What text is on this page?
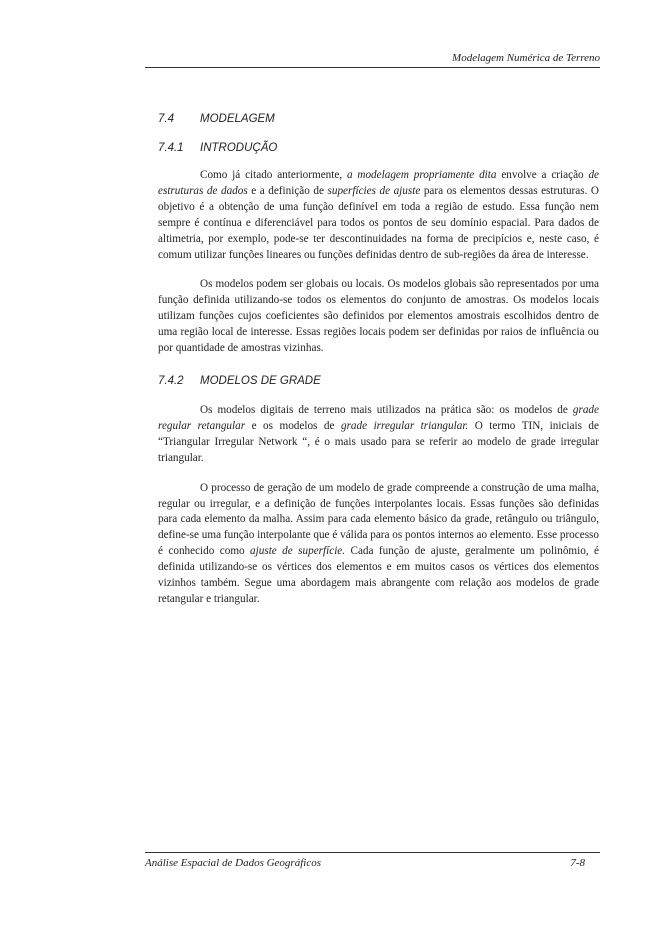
Modelagem Numérica de Terreno
7.4 MODELAGEM
7.4.1 INTRODUÇÃO

Como já citado anteriormente, a modelagem propriamente dita envolve a criação de estruturas de dados e a definição de superfícies de ajuste para os elementos dessas estruturas. O objetivo é a obtenção de uma função definível em toda a região de estudo. Essa função nem sempre é contínua e diferenciável para todos os pontos de seu domínio espacial. Para dados de altimetria, por exemplo, pode-se ter descontinuidades na forma de precipícios e, neste caso, é comum utilizar funções lineares ou funções definidas dentro de sub-regiões da área de interesse.

Os modelos podem ser globais ou locais. Os modelos globais são representados por uma função definida utilizando-se todos os elementos do conjunto de amostras. Os modelos locais utilizam funções cujos coeficientes são definidos por elementos amostrais escolhidos dentro de uma região local de interesse. Essas regiões locais podem ser definidas por raios de influência ou por quantidade de amostras vizinhas.

7.4.2 MODELOS DE GRADE

Os modelos digitais de terreno mais utilizados na prática são: os modelos de grade regular retangular e os modelos de grade irregular triangular. O termo TIN, iniciais de “Triangular Irregular Network “, é o mais usado para se referir ao modelo de grade irregular triangular.

O processo de geração de um modelo de grade compreende a construção de uma malha, regular ou irregular, e a definição de funções interpolantes locais. Essas funções são definidas para cada elemento da malha. Assim para cada elemento básico da grade, retângulo ou triângulo, define-se uma função interpolante que é válida para os pontos internos ao elemento. Esse processo é conhecido como ajuste de superfície. Cada função de ajuste, geralmente um polinômio, é definida utilizando-se os vértices dos elementos e em muitos casos os vértices dos elementos vizinhos também. Segue uma abordagem mais abrangente com relação aos modelos de grade retangular e triangular.

Análise Espacial de Dados Geográficos	7-8
